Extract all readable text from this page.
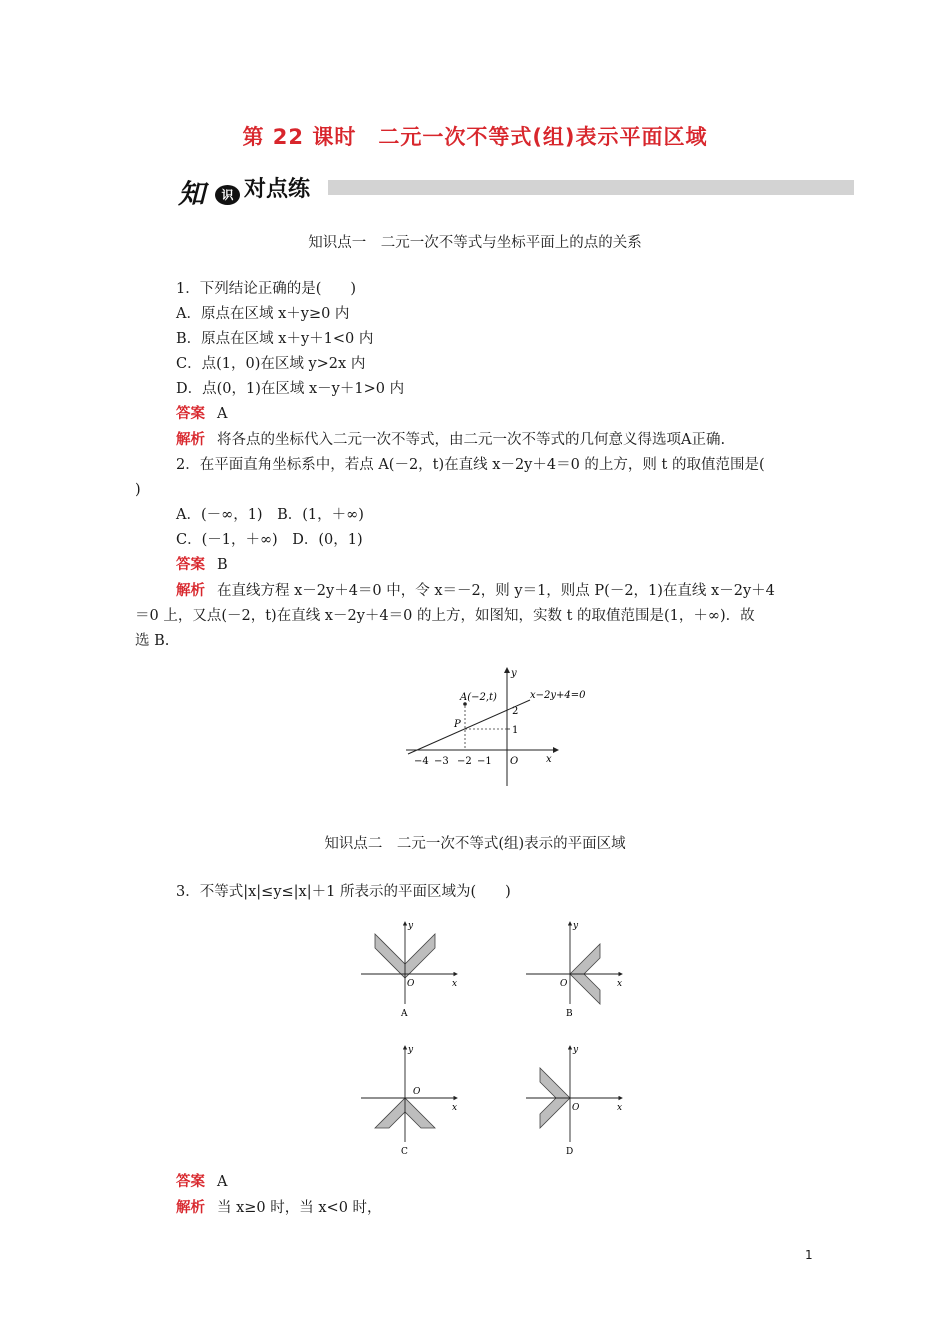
第 22 课时　二元一次不等式(组)表示平面区域
知	识 对点练
知识点一　二元一次不等式与坐标平面上的点的关系
1．下列结论正确的是(　　)
A．原点在区域 x＋y≥0 内
B．原点在区域 x＋y＋1<0 内
C．点(1，0)在区域 y>2x 内
D．点(0，1)在区域 x－y＋1>0 内
答案 A
解析 将各点的坐标代入二元一次不等式，由二元一次不等式的几何意义得选项A正确.
2．在平面直角坐标系中，若点 A(－2，t)在直线 x－2y＋4＝0 的上方，则 t 的取值范围是(
)
A．(－∞，1)　B．(1，＋∞)
C．(－1，＋∞)　D．(0，1)
答案 B
解析 在直线方程 x－2y＋4＝0 中，令 x＝－2，则 y＝1，则点 P(－2，1)在直线 x－2y＋4
＝0 上，又点(－2，t)在直线 x－2y＋4＝0 的上方，如图知，实数 t 的取值范围是(1，＋∞)．故
选 B.
A(−2,t)	x−2y+4=0
P
2
1
−4 −3 −2 −1 O	x
y
知识点二　二元一次不等式(组)表示的平面区域
3．不等式|x|≤y≤|x|＋1 所表示的平面区域为(　　)
x
y
O
A
x
y
O
B
x
y
O
C
x
y
O
D
答案 A
解析 当 x≥0 时，当 x<0 时，
1
